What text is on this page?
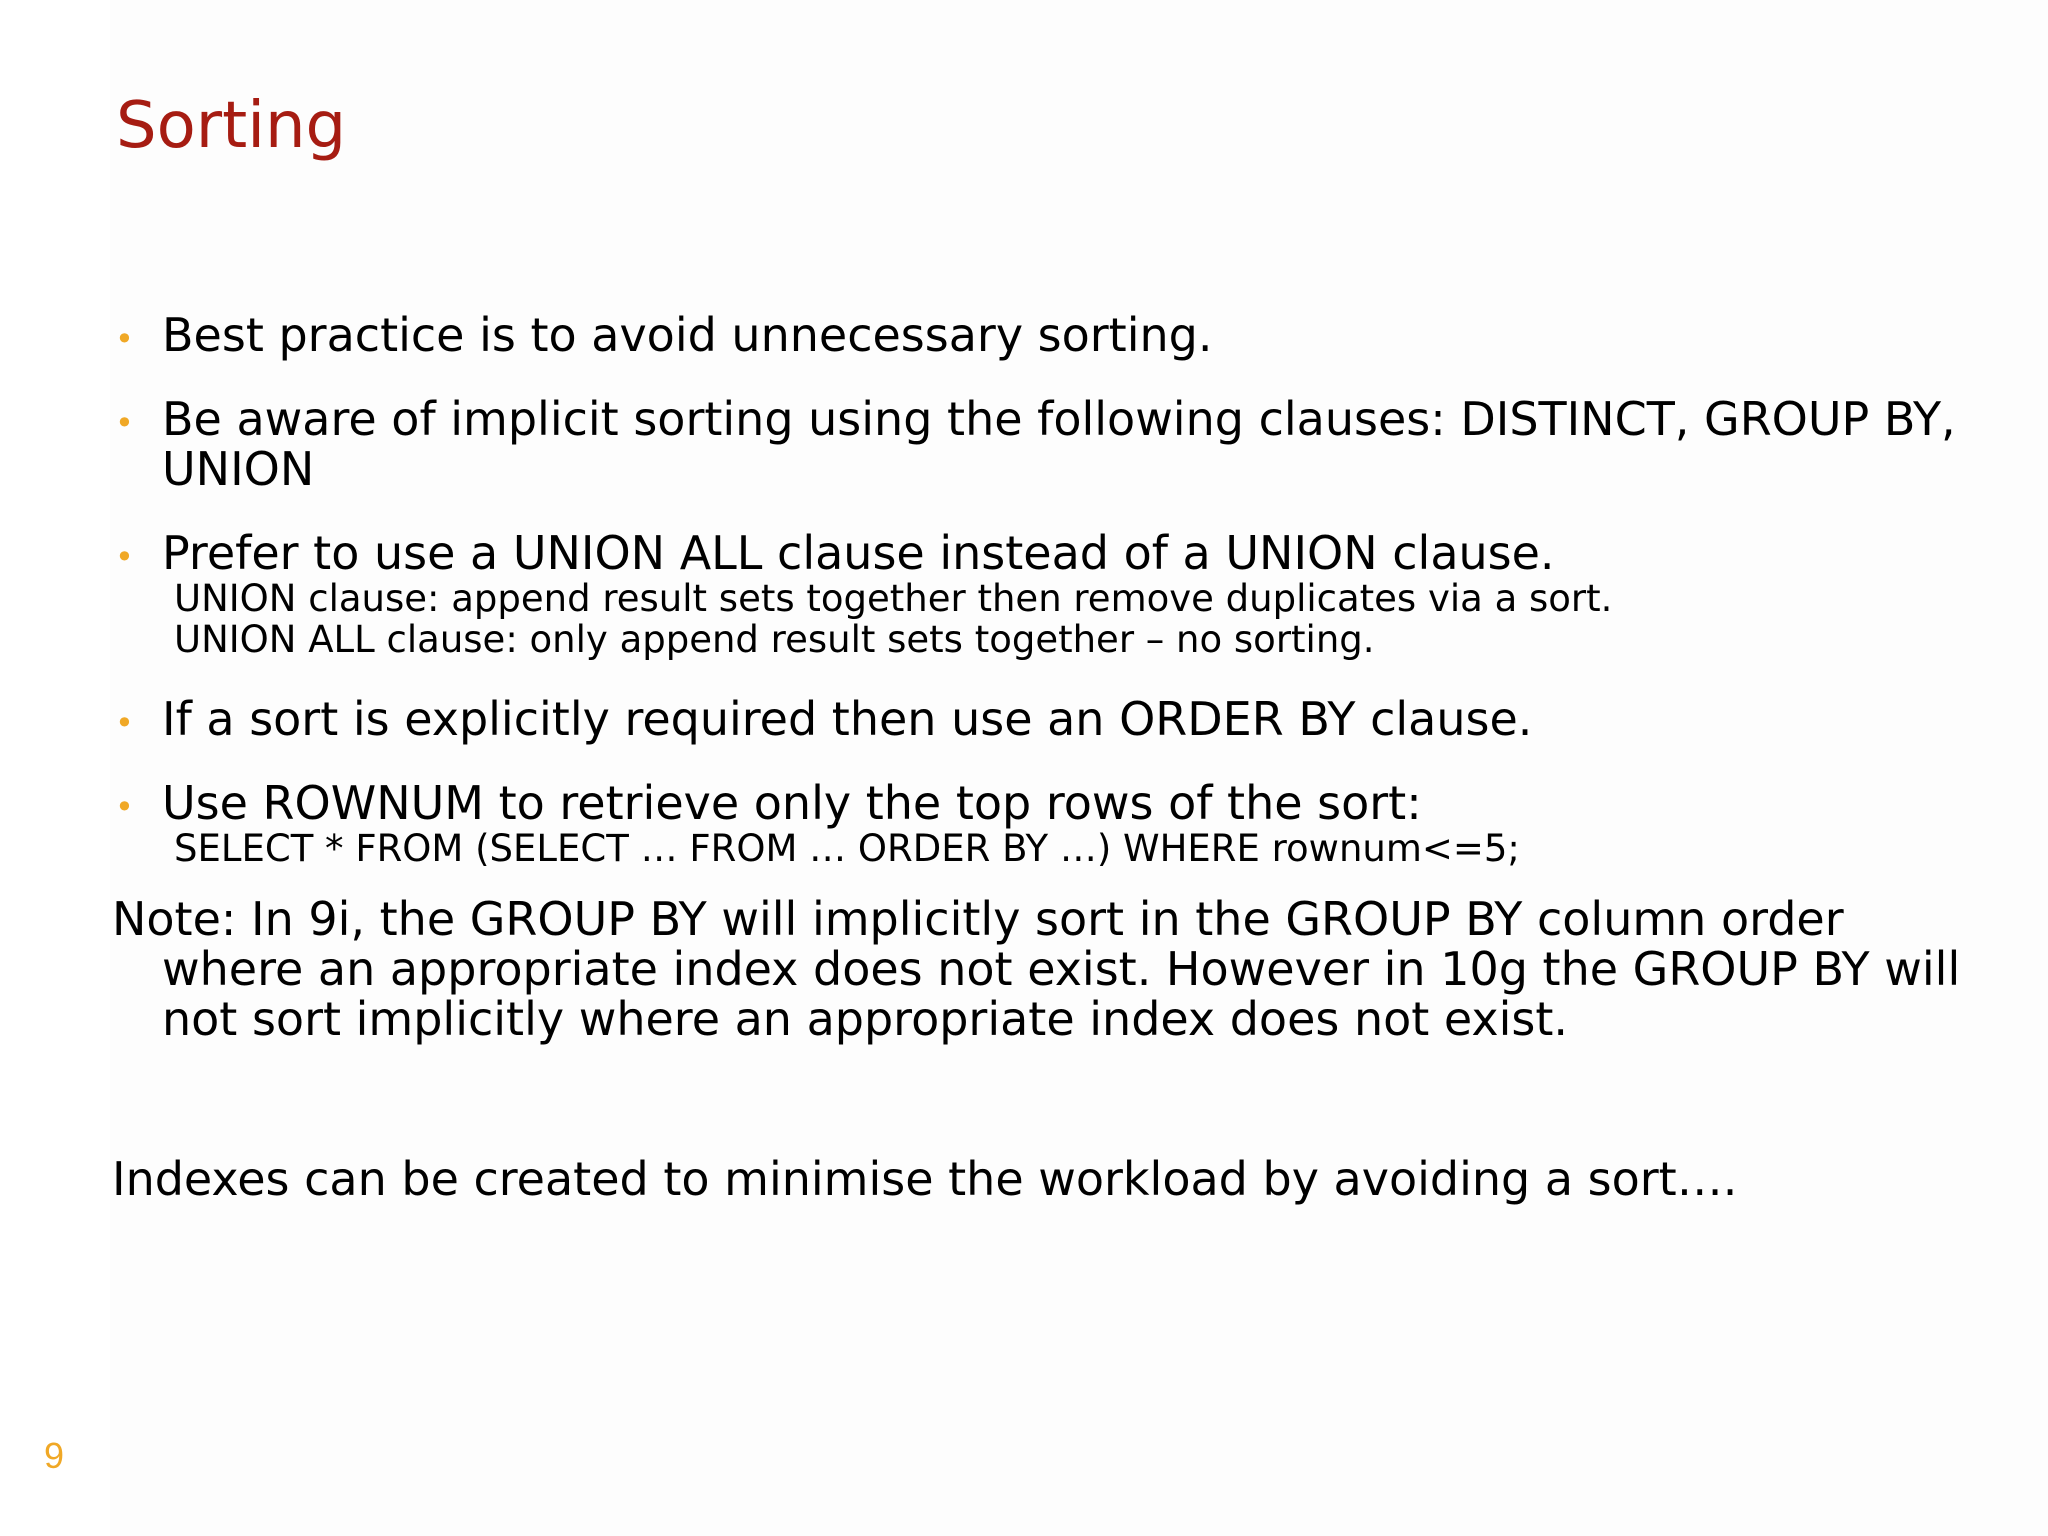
Sorting
• Best practice is to avoid unnecessary sorting.
• Be aware of implicit sorting using the following clauses: DISTINCT, GROUP BY,
UNION
• Prefer to use a UNION ALL clause instead of a UNION clause.
UNION clause: append result sets together then remove duplicates via a sort.
UNION ALL clause: only append result sets together – no sorting.
• If a sort is explicitly required then use an ORDER BY clause.
• Use ROWNUM to retrieve only the top rows of the sort:
SELECT * FROM (SELECT … FROM … ORDER BY …) WHERE rownum<=5;
Note: In 9i, the GROUP BY will implicitly sort in the GROUP BY column order
where an appropriate index does not exist. However in 10g the GROUP BY will
not sort implicitly where an appropriate index does not exist.
Indexes can be created to minimise the workload by avoiding a sort….
9
